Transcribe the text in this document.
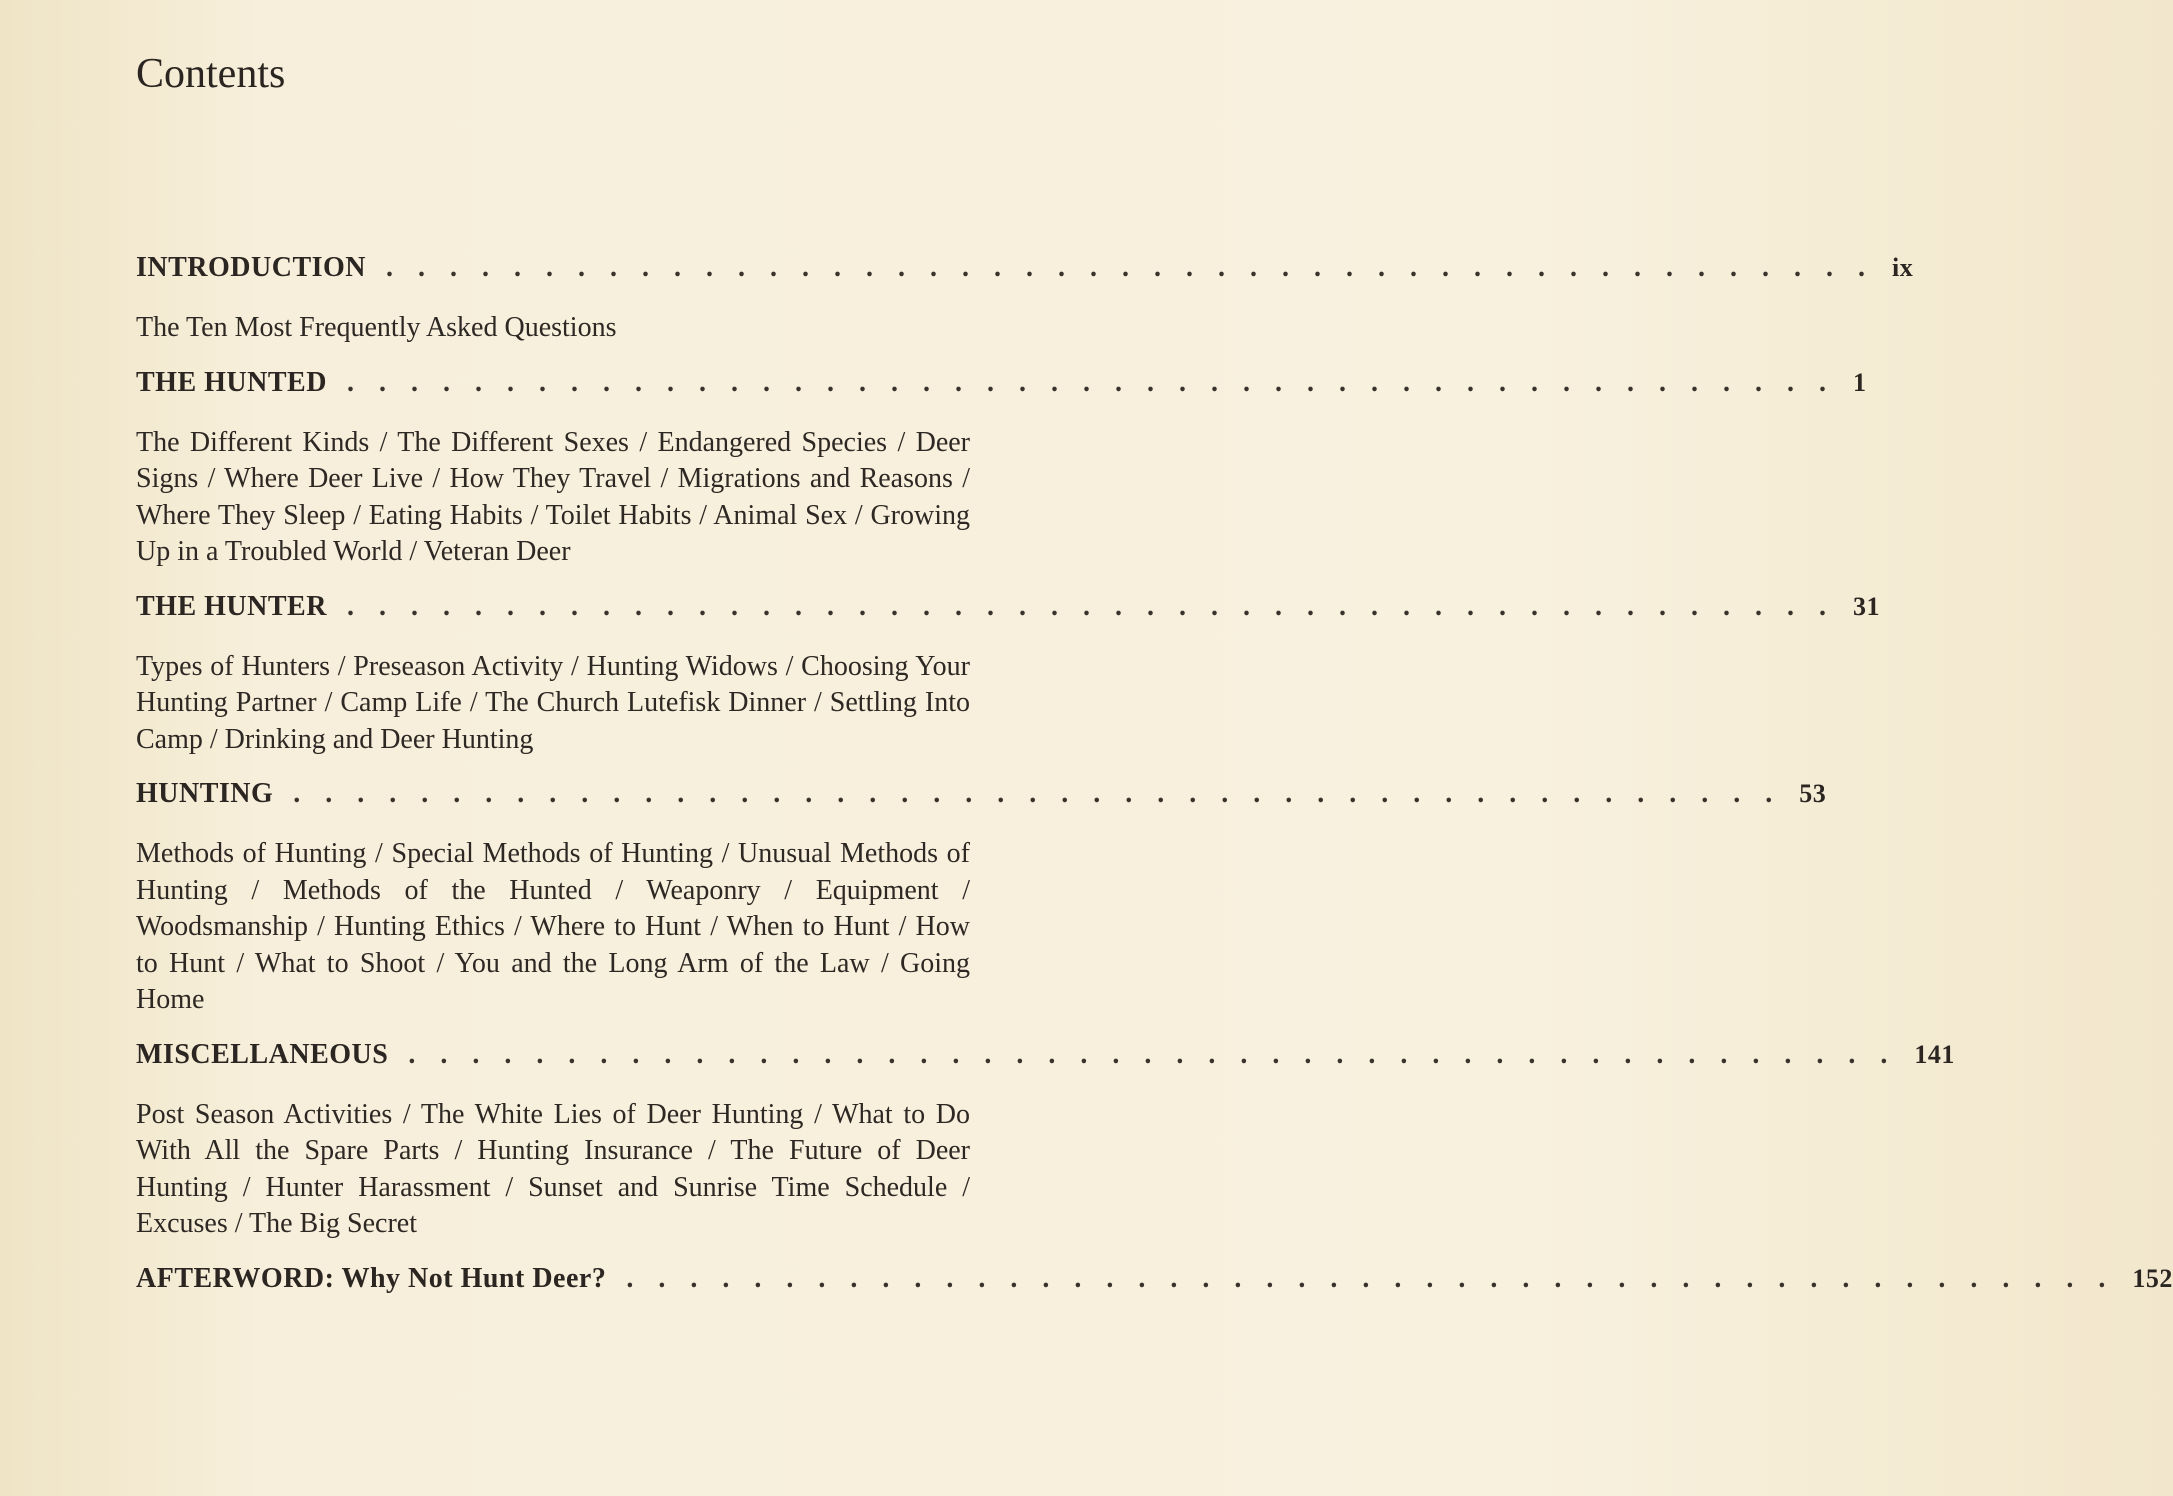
Contents
INTRODUCTION . . . . . . . . . . . . . . . . . . . . . . . . . . . . . . . . . . . . . . . . . . . . . . . ix

The Ten Most Frequently Asked Questions

THE HUNTED . . . . . . . . . . . . . . . . . . . . . . . . . . . . . . . . . . . . . . . . . . . . . . . 1

The Different Kinds / The Different Sexes / Endangered Species / Deer Signs / Where Deer Live / How They Travel / Migrations and Reasons / Where They Sleep / Eating Habits / Toilet Habits / Animal Sex / Growing Up in a Troubled World / Veteran Deer

THE HUNTER . . . . . . . . . . . . . . . . . . . . . . . . . . . . . . . . . . . . . . . . . . . . . . . 31

Types of Hunters / Preseason Activity / Hunting Widows / Choosing Your Hunting Partner / Camp Life / The Church Lutefisk Dinner / Settling Into Camp / Drinking and Deer Hunting

HUNTING . . . . . . . . . . . . . . . . . . . . . . . . . . . . . . . . . . . . . . . . . . . . . . . 53

Methods of Hunting / Special Methods of Hunting / Unusual Methods of Hunting / Methods of the Hunted / Weaponry / Equipment / Woodsmanship / Hunting Ethics / Where to Hunt / When to Hunt / How to Hunt / What to Shoot / You and the Long Arm of the Law / Going Home

MISCELLANEOUS . . . . . . . . . . . . . . . . . . . . . . . . . . . . . . . . . . . . . . . . . . . . . . . 141

Post Season Activities / The White Lies of Deer Hunting / What to Do With All the Spare Parts / Hunting Insurance / The Future of Deer Hunting / Hunter Harassment / Sunset and Sunrise Time Schedule / Excuses / The Big Secret

AFTERWORD: Why Not Hunt Deer? . . . . . . . . . . . . . . . . . . . . . . . . . . . . . . . . . . . . . . . . . . . . . . . 152
